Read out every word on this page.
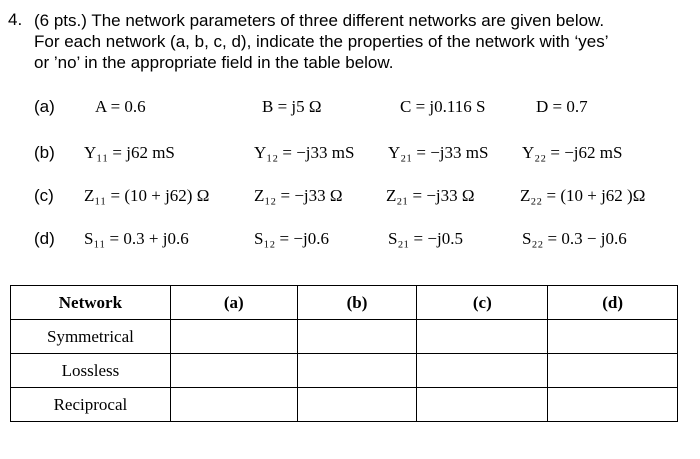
4. (6 pts.) The network parameters of three different networks are given below.
For each network (a, b, c, d), indicate the properties of the network with ‘yes’
or ’no’ in the appropriate field in the table below.
(a) A = 0.6	B = j5 Ω	C = j0.116 S	D = 0.7
(b) Y₁₁ = j62 mS	Y₁₂ = −j33 mS Y₂₁ = −j33 mS Y₂₂ = −j62 mS
(c) Z₁₁ = (10 + j62) Ω	Z₁₂ = −j33 Ω	Z₂₁ = −j33 Ω	Z₂₂ = (10 + j62 )Ω
(d) S₁₁ = 0.3 + j0.6	S₁₂ = −j0.6	S₂₁ = −j0.5	S₂₂ = 0.3 − j0.6
Network	(a)	(b)	(c)	(d)
Symmetrical				
Lossless				
Reciprocal				
